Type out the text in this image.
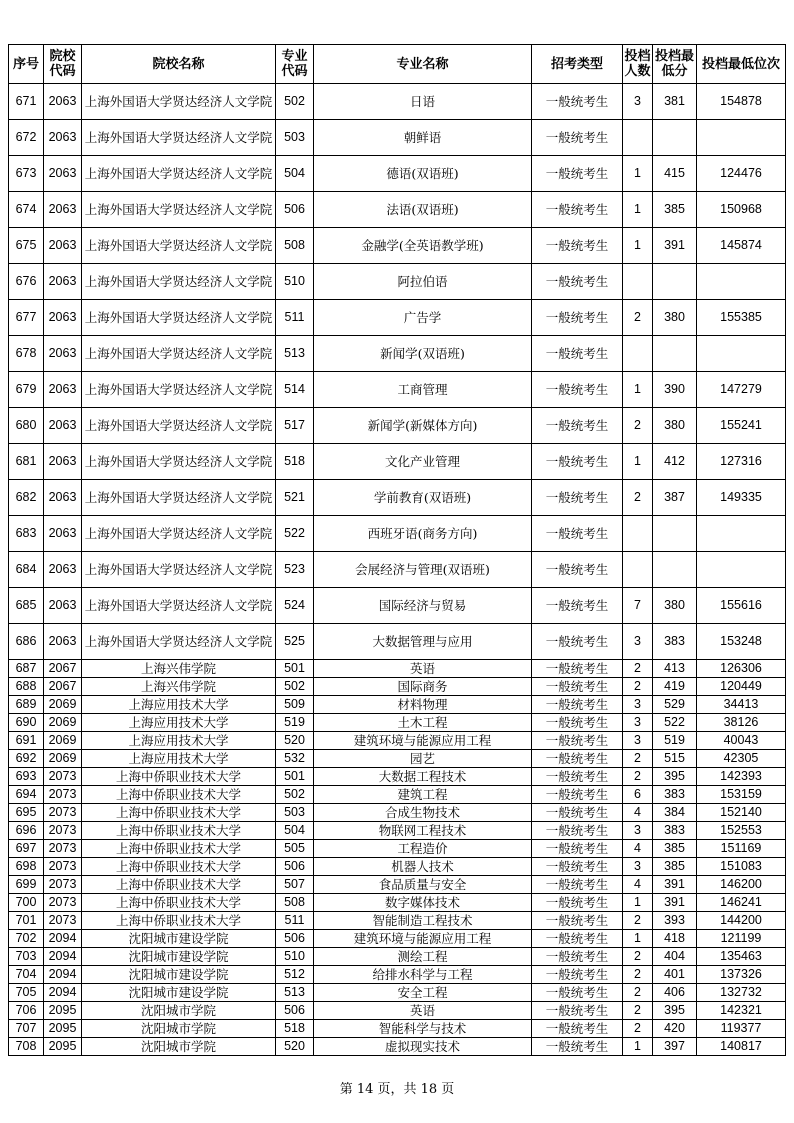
序号	院校代码	院校名称	专业代码	专业名称	招考类型	投档人数	投档最低分	投档最低位次
671	2063	上海外国语大学贤达经济人文学院	502	日语	一般统考生	3	381	154878
672	2063	上海外国语大学贤达经济人文学院	503	朝鲜语	一般统考生			
673	2063	上海外国语大学贤达经济人文学院	504	德语(双语班)	一般统考生	1	415	124476
674	2063	上海外国语大学贤达经济人文学院	506	法语(双语班)	一般统考生	1	385	150968
675	2063	上海外国语大学贤达经济人文学院	508	金融学(全英语教学班)	一般统考生	1	391	145874
676	2063	上海外国语大学贤达经济人文学院	510	阿拉伯语	一般统考生			
677	2063	上海外国语大学贤达经济人文学院	511	广告学	一般统考生	2	380	155385
678	2063	上海外国语大学贤达经济人文学院	513	新闻学(双语班)	一般统考生			
679	2063	上海外国语大学贤达经济人文学院	514	工商管理	一般统考生	1	390	147279
680	2063	上海外国语大学贤达经济人文学院	517	新闻学(新媒体方向)	一般统考生	2	380	155241
681	2063	上海外国语大学贤达经济人文学院	518	文化产业管理	一般统考生	1	412	127316
682	2063	上海外国语大学贤达经济人文学院	521	学前教育(双语班)	一般统考生	2	387	149335
683	2063	上海外国语大学贤达经济人文学院	522	西班牙语(商务方向)	一般统考生			
684	2063	上海外国语大学贤达经济人文学院	523	会展经济与管理(双语班)	一般统考生			
685	2063	上海外国语大学贤达经济人文学院	524	国际经济与贸易	一般统考生	7	380	155616
686	2063	上海外国语大学贤达经济人文学院	525	大数据管理与应用	一般统考生	3	383	153248
687	2067	上海兴伟学院	501	英语	一般统考生	2	413	126306
688	2067	上海兴伟学院	502	国际商务	一般统考生	2	419	120449
689	2069	上海应用技术大学	509	材料物理	一般统考生	3	529	34413
690	2069	上海应用技术大学	519	土木工程	一般统考生	3	522	38126
691	2069	上海应用技术大学	520	建筑环境与能源应用工程	一般统考生	3	519	40043
692	2069	上海应用技术大学	532	园艺	一般统考生	2	515	42305
693	2073	上海中侨职业技术大学	501	大数据工程技术	一般统考生	2	395	142393
694	2073	上海中侨职业技术大学	502	建筑工程	一般统考生	6	383	153159
695	2073	上海中侨职业技术大学	503	合成生物技术	一般统考生	4	384	152140
696	2073	上海中侨职业技术大学	504	物联网工程技术	一般统考生	3	383	152553
697	2073	上海中侨职业技术大学	505	工程造价	一般统考生	4	385	151169
698	2073	上海中侨职业技术大学	506	机器人技术	一般统考生	3	385	151083
699	2073	上海中侨职业技术大学	507	食品质量与安全	一般统考生	4	391	146200
700	2073	上海中侨职业技术大学	508	数字媒体技术	一般统考生	1	391	146241
701	2073	上海中侨职业技术大学	511	智能制造工程技术	一般统考生	2	393	144200
702	2094	沈阳城市建设学院	506	建筑环境与能源应用工程	一般统考生	1	418	121199
703	2094	沈阳城市建设学院	510	测绘工程	一般统考生	2	404	135463
704	2094	沈阳城市建设学院	512	给排水科学与工程	一般统考生	2	401	137326
705	2094	沈阳城市建设学院	513	安全工程	一般统考生	2	406	132732
706	2095	沈阳城市学院	506	英语	一般统考生	2	395	142321
707	2095	沈阳城市学院	518	智能科学与技术	一般统考生	2	420	119377
708	2095	沈阳城市学院	520	虚拟现实技术	一般统考生	1	397	140817
第 14 页，共 18 页
